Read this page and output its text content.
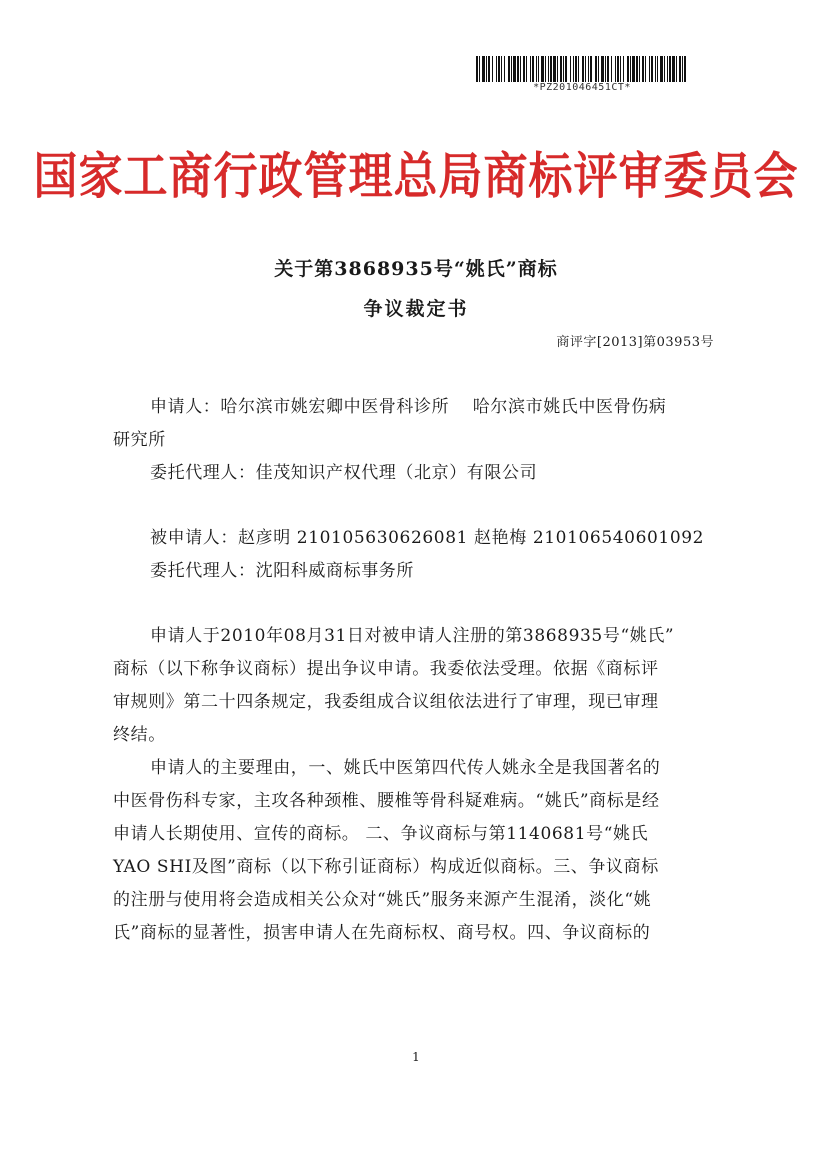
*PZ201046451CT*
国家工商行政管理总局商标评审委员会
关于第3868935号“姚氏”商标
争议裁定书
商评字[2013]第03953号
申请人：哈尔滨市姚宏卿中医骨科诊所　 哈尔滨市姚氏中医骨伤病
研究所
委托代理人：佳茂知识产权代理（北京）有限公司
被申请人：赵彦明 210105630626081 赵艳梅 210106540601092
委托代理人：沈阳科威商标事务所
申请人于2010年08月31日对被申请人注册的第3868935号“姚氏”
商标（以下称争议商标）提出争议申请。我委依法受理。依据《商标评
审规则》第二十四条规定，我委组成合议组依法进行了审理，现已审理
终结。
申请人的主要理由，一、姚氏中医第四代传人姚永全是我国著名的
中医骨伤科专家，主攻各种颈椎、腰椎等骨科疑难病。“姚氏”商标是经
申请人长期使用、宣传的商标。 二、争议商标与第1140681号“姚氏
YAO SHI及图”商标（以下称引证商标）构成近似商标。三、争议商标
的注册与使用将会造成相关公众对“姚氏”服务来源产生混淆，淡化“姚
氏”商标的显著性，损害申请人在先商标权、商号权。四、争议商标的
1
